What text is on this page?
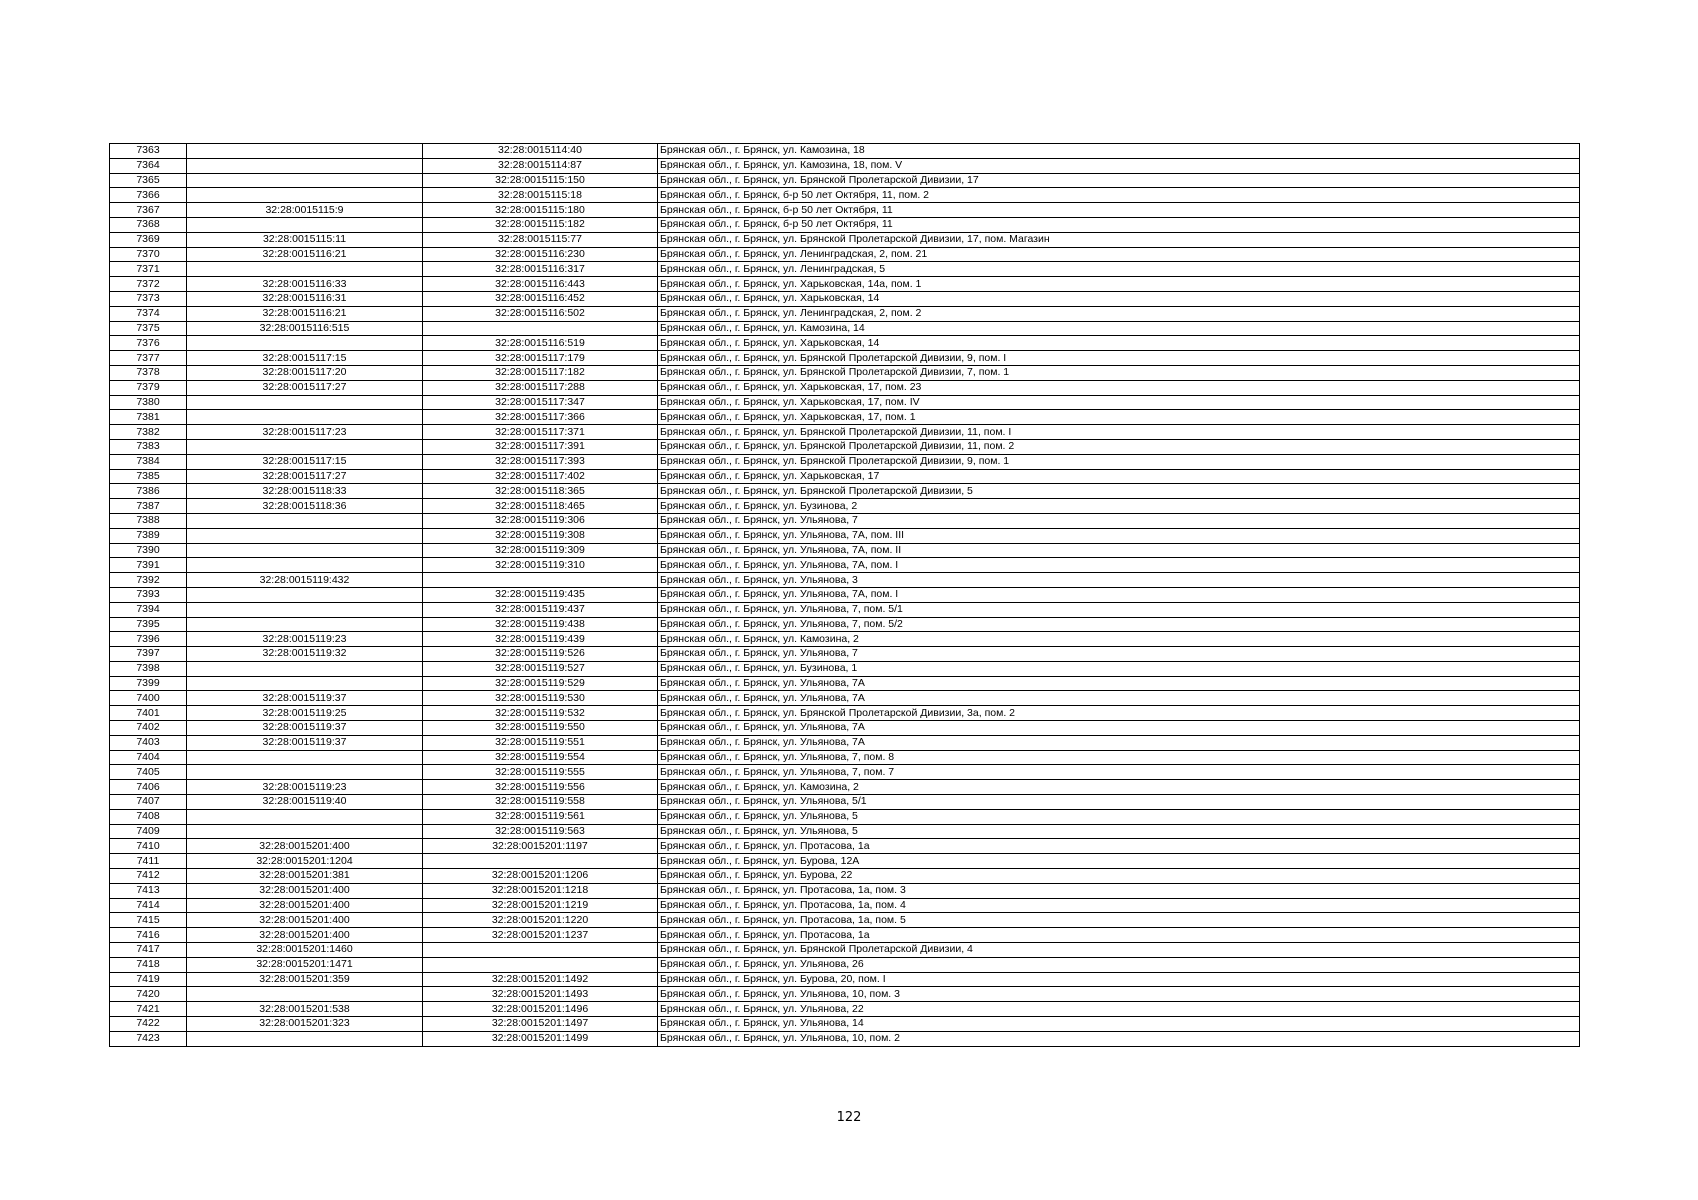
7363		32:28:0015114:40	Брянская обл., г. Брянск, ул. Камозина, 18
7364		32:28:0015114:87	Брянская обл., г. Брянск, ул. Камозина, 18, пом. V
7365		32:28:0015115:150	Брянская обл., г. Брянск, ул. Брянской Пролетарской Дивизии, 17
7366		32:28:0015115:18	Брянская обл., г. Брянск, б-р 50 лет Октября, 11, пом. 2
7367	32:28:0015115:9	32:28:0015115:180	Брянская обл., г. Брянск, б-р 50 лет Октября, 11
7368		32:28:0015115:182	Брянская обл., г. Брянск, б-р 50 лет Октября, 11
7369	32:28:0015115:11	32:28:0015115:77	Брянская обл., г. Брянск, ул. Брянской Пролетарской Дивизии, 17, пом. Магазин
7370	32:28:0015116:21	32:28:0015116:230	Брянская обл., г. Брянск, ул. Ленинградская, 2, пом. 21
7371		32:28:0015116:317	Брянская обл., г. Брянск, ул. Ленинградская, 5
7372	32:28:0015116:33	32:28:0015116:443	Брянская обл., г. Брянск, ул. Харьковская, 14а, пом. 1
7373	32:28:0015116:31	32:28:0015116:452	Брянская обл., г. Брянск, ул. Харьковская, 14
7374	32:28:0015116:21	32:28:0015116:502	Брянская обл., г. Брянск, ул. Ленинградская, 2, пом. 2
7375	32:28:0015116:515		Брянская обл., г. Брянск, ул. Камозина, 14
7376		32:28:0015116:519	Брянская обл., г. Брянск, ул. Харьковская, 14
7377	32:28:0015117:15	32:28:0015117:179	Брянская обл., г. Брянск, ул. Брянской Пролетарской Дивизии, 9, пом. I
7378	32:28:0015117:20	32:28:0015117:182	Брянская обл., г. Брянск, ул. Брянской Пролетарской Дивизии, 7, пом. 1
7379	32:28:0015117:27	32:28:0015117:288	Брянская обл., г. Брянск, ул. Харьковская, 17, пом. 23
7380		32:28:0015117:347	Брянская обл., г. Брянск, ул. Харьковская, 17, пом. IV
7381		32:28:0015117:366	Брянская обл., г. Брянск, ул. Харьковская, 17, пом. 1
7382	32:28:0015117:23	32:28:0015117:371	Брянская обл., г. Брянск, ул. Брянской Пролетарской Дивизии, 11, пом. I
7383		32:28:0015117:391	Брянская обл., г. Брянск, ул. Брянской Пролетарской Дивизии, 11, пом. 2
7384	32:28:0015117:15	32:28:0015117:393	Брянская обл., г. Брянск, ул. Брянской Пролетарской Дивизии, 9, пом. 1
7385	32:28:0015117:27	32:28:0015117:402	Брянская обл., г. Брянск, ул. Харьковская, 17
7386	32:28:0015118:33	32:28:0015118:365	Брянская обл., г. Брянск, ул. Брянской Пролетарской Дивизии, 5
7387	32:28:0015118:36	32:28:0015118:465	Брянская обл., г. Брянск, ул. Бузинова, 2
7388		32:28:0015119:306	Брянская обл., г. Брянск, ул. Ульянова, 7
7389		32:28:0015119:308	Брянская обл., г. Брянск, ул. Ульянова, 7А, пом. III
7390		32:28:0015119:309	Брянская обл., г. Брянск, ул. Ульянова, 7А, пом. II
7391		32:28:0015119:310	Брянская обл., г. Брянск, ул. Ульянова, 7А, пом. I
7392	32:28:0015119:432		Брянская обл., г. Брянск, ул. Ульянова, 3
7393		32:28:0015119:435	Брянская обл., г. Брянск, ул. Ульянова, 7А, пом. I
7394		32:28:0015119:437	Брянская обл., г. Брянск, ул. Ульянова, 7, пом. 5/1
7395		32:28:0015119:438	Брянская обл., г. Брянск, ул. Ульянова, 7, пом. 5/2
7396	32:28:0015119:23	32:28:0015119:439	Брянская обл., г. Брянск, ул. Камозина, 2
7397	32:28:0015119:32	32:28:0015119:526	Брянская обл., г. Брянск, ул. Ульянова, 7
7398		32:28:0015119:527	Брянская обл., г. Брянск, ул. Бузинова, 1
7399		32:28:0015119:529	Брянская обл., г. Брянск, ул. Ульянова, 7А
7400	32:28:0015119:37	32:28:0015119:530	Брянская обл., г. Брянск, ул. Ульянова, 7А
7401	32:28:0015119:25	32:28:0015119:532	Брянская обл., г. Брянск, ул. Брянской Пролетарской Дивизии, 3а, пом. 2
7402	32:28:0015119:37	32:28:0015119:550	Брянская обл., г. Брянск, ул. Ульянова, 7А
7403	32:28:0015119:37	32:28:0015119:551	Брянская обл., г. Брянск, ул. Ульянова, 7А
7404		32:28:0015119:554	Брянская обл., г. Брянск, ул. Ульянова, 7, пом. 8
7405		32:28:0015119:555	Брянская обл., г. Брянск, ул. Ульянова, 7, пом. 7
7406	32:28:0015119:23	32:28:0015119:556	Брянская обл., г. Брянск, ул. Камозина, 2
7407	32:28:0015119:40	32:28:0015119:558	Брянская обл., г. Брянск, ул. Ульянова, 5/1
7408		32:28:0015119:561	Брянская обл., г. Брянск, ул. Ульянова, 5
7409		32:28:0015119:563	Брянская обл., г. Брянск, ул. Ульянова, 5
7410	32:28:0015201:400	32:28:0015201:1197	Брянская обл., г. Брянск, ул. Протасова, 1а
7411	32:28:0015201:1204		Брянская обл., г. Брянск, ул. Бурова, 12А
7412	32:28:0015201:381	32:28:0015201:1206	Брянская обл., г. Брянск, ул. Бурова, 22
7413	32:28:0015201:400	32:28:0015201:1218	Брянская обл., г. Брянск, ул. Протасова, 1а, пом. 3
7414	32:28:0015201:400	32:28:0015201:1219	Брянская обл., г. Брянск, ул. Протасова, 1а, пом. 4
7415	32:28:0015201:400	32:28:0015201:1220	Брянская обл., г. Брянск, ул. Протасова, 1а, пом. 5
7416	32:28:0015201:400	32:28:0015201:1237	Брянская обл., г. Брянск, ул. Протасова, 1а
7417	32:28:0015201:1460		Брянская обл., г. Брянск, ул. Брянской Пролетарской Дивизии, 4
7418	32:28:0015201:1471		Брянская обл., г. Брянск, ул. Ульянова, 26
7419	32:28:0015201:359	32:28:0015201:1492	Брянская обл., г. Брянск, ул. Бурова, 20, пом. I
7420		32:28:0015201:1493	Брянская обл., г. Брянск, ул. Ульянова, 10, пом. 3
7421	32:28:0015201:538	32:28:0015201:1496	Брянская обл., г. Брянск, ул. Ульянова, 22
7422	32:28:0015201:323	32:28:0015201:1497	Брянская обл., г. Брянск, ул. Ульянова, 14
7423		32:28:0015201:1499	Брянская обл., г. Брянск, ул. Ульянова, 10, пом. 2
122
